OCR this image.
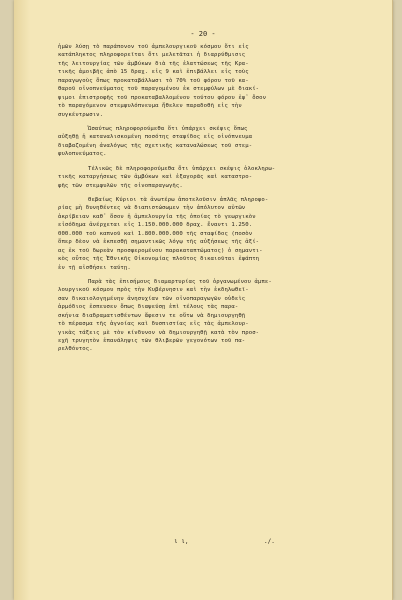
- 20 -
ἡμῶν λύσῃ τὸ παράπονον τοῦ ἀμπελουργικοῦ κόσμου ὅτι εἰς
κατάπληκτος πληροφορεῖται ὅτι μελετᾶται ἡ διαρρύθμισις
τῆς λειτουργίας τῶν ἀμβύκων διὰ τῆς ἐλαττώσεως τῆς Κρα-
τικῆς ἀμοιβῆς ἀπὸ 15 δραχ. εἰς 9 καὶ ἐπιβάλλει εἰς τοὺς
παραγωγοὺς ὅπως προκαταβάλλωσι τὸ 70% τοῦ φόρου τοῦ κα-
θαροῦ οἰνοπνεύματος τοῦ παραγομένου ἐκ στεμφύλων μὲ διακί-
ψιμοι ἐπιστροφῆς τοῦ προκαταβαλλομένου τούτου φόρου ἐφ᾽ ὅσον
τὸ παραγόμενον στεμφυλόπνευμα ἤθελεν παραδοθῆ εἰς τὴν
συγκέντρωσιν.
Ὡσαύτως πληροφορούμεθα ὅτι ὑπάρχει σκέψις ὅπως
αὐξηθῇ ἡ καταναλισκομένη ποσότης σταφίδος εἰς οἰνόπνευμα
διαβαζομένη ἀναλόγως τῆς σχετικῆς καταναλώσεως τοῦ στεμ-
φυλοπνεύματος.
Τέλικῶς δὲ πληροφορούμεθα ὅτι ὑπάρχει σκέψις ὁλοκληρω-
τικῆς καταργήσεως τῶν ἀμβύκων καὶ ἐξαγορᾶς καὶ καταστρο-
φῆς τῶν στεμφυλῶν τῆς οἰνοπαραγωγῆς.
Θεβαίως Κύριοι τὰ ἀνωτέρω ἀποτελοῦσιν ἁπλᾶς πληροφο-
ρίας μὴ δυνηθέντες νὰ διαπιστώσωμεν τὴν ἀπόλυτον αὐτῶν
ἀκρίβειαν καθ᾽ ὅσον ἡ ἀμπελουργία τῆς ὁποίας τὸ γεωργικὸν
εἰσόδημα ἀνέρχεται εἰς 1.150.000.000 δραχ. ἔναντι 1.250.
000.000 τοῦ καπνοῦ καὶ 1.800.000.000 τῆς σταφίδος (ποσὸν
ὅπερ δὲον νὰ ἐκπεσθῇ σημαντικῶς λόγῳ τῆς αὐξήσεως τῆς ἀξί-
ας ἐκ τοῦ δωρεὰν προσφερομένου παρακαταπτώματος) ὁ σημαντι-
κὸς οὗτος τῆς Ἐθνικῆς Οἰκονομίας πλοῦτος δικαιοῦται ἐφάπτη
ἐν τῇ αἰσθήσει ταύτῃ.
Παρὰ τὰς ἐπισήμους διαμαρτυρίας τοῦ ὀργανωμένου ἀμπε-
λουργικοῦ κόσμου πρὸς τὴν Κυβέρνησιν καὶ τὴν ἐκδηλωθεῖ-
σαν δικαιολογημένην ἀνησυχίαν τῶν οἰνοπαραγωγῶν οὐδεὶς
ἀρμόδιος ἐσπευσεν ὅπως διαψεύσῃ ἐπὶ τέλους τὰς παρα-
σκήνια διαδραματισθέντων ἄφεσιν τε οὕτω νὰ δημιουργηθῇ
τὸ πέρασμα τῆς ἀγνοίας καὶ δυσπιστίας εἰς τὰς ἀμπελουρ-
γικὰς τάξεις μὲ τὸν κίνδυνον νὰ δημιουργηθῇ κατὰ τὸν προσ-
εχῆ τρυγητὸν ἐπανάληψις τῶν θλιβερῶν γεγονότων τοῦ πα-
ρελθόντος.
ι ι,	./.
